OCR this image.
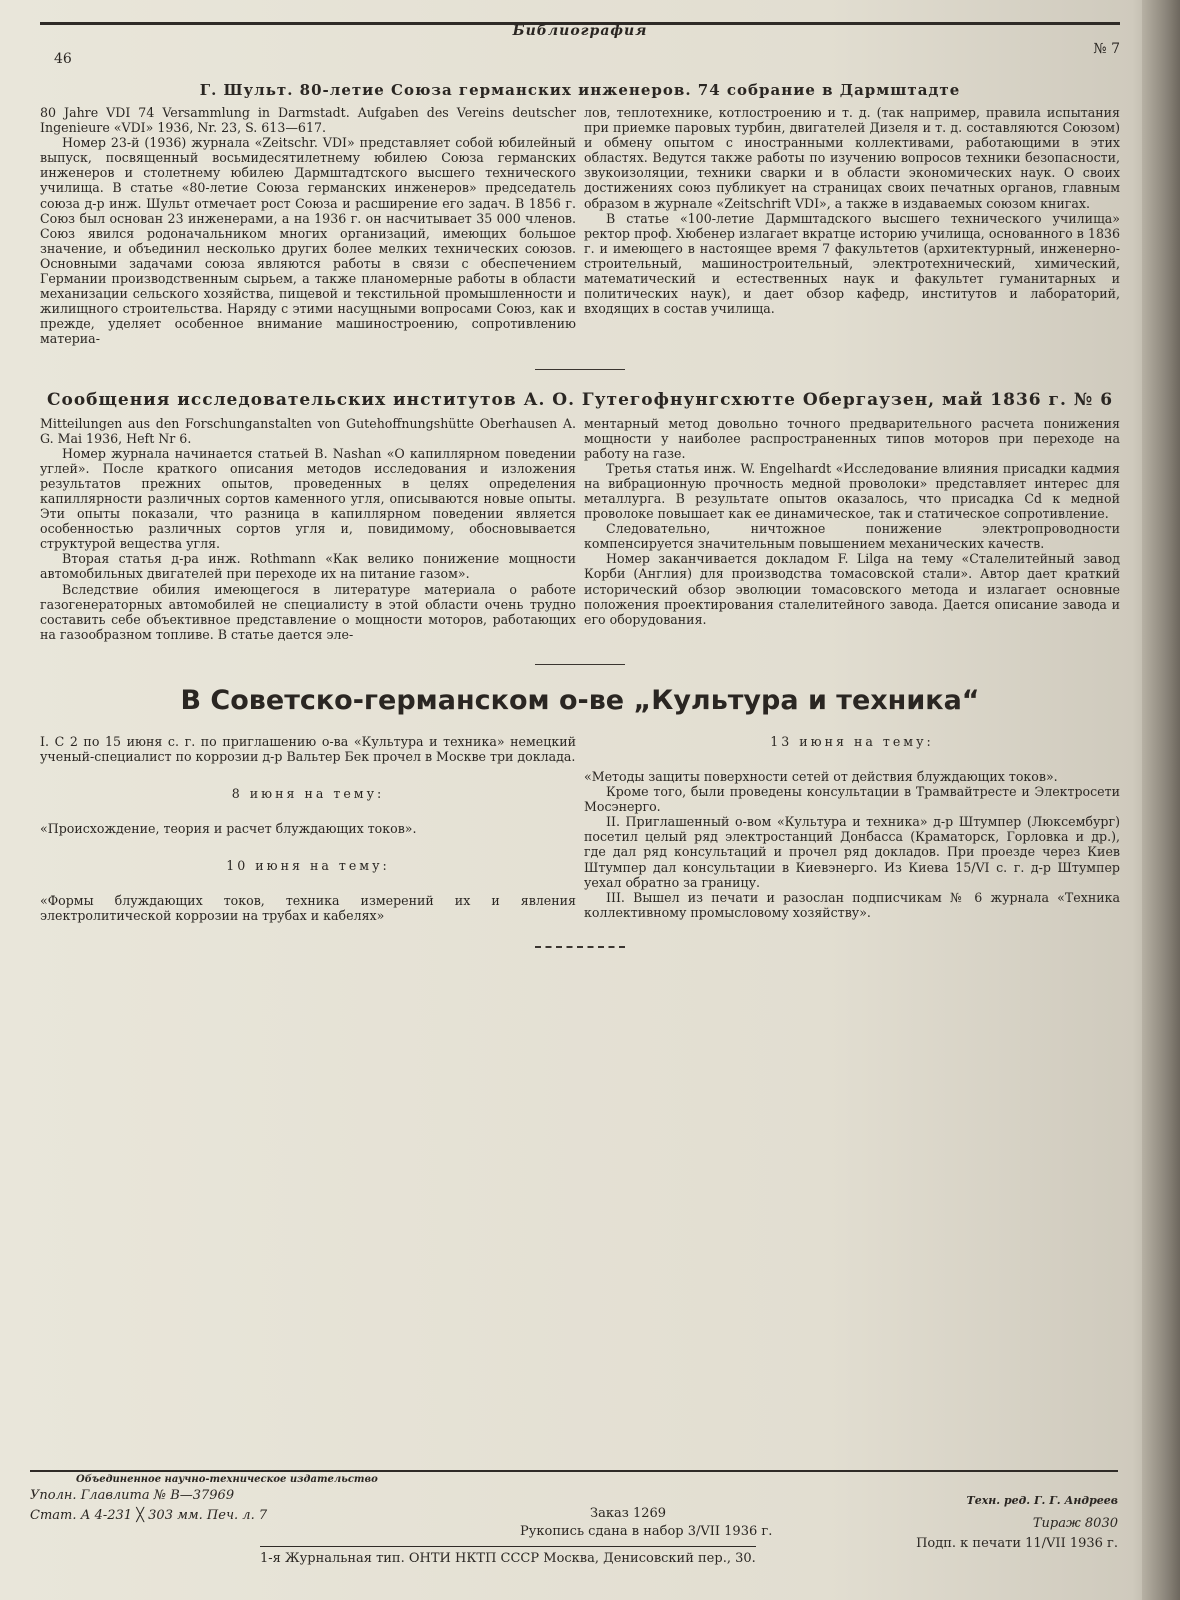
Библиография
46
№ 7
Г. Шульт. 80-летие Союза германских инженеров. 74 собрание в Дармштадте

80 Jahre VDI 74 Versammlung in Darmstadt. Aufgaben des Vereins deutscher Ingenieure «VDI» 1936, Nr. 23, S. 613—617.

Номер 23-й (1936) журнала «Zeitschr. VDI» представляет собой юбилейный выпуск, посвященный восьмидесятилетнему юбилею Союза германских инженеров и столетнему юбилею Дармштадтского высшего технического училища. В статье «80-летие Союза германских инженеров» председатель союза д-р инж. Шульт отмечает рост Союза и расширение его задач. В 1856 г. Союз был основан 23 инженерами, а на 1936 г. он насчитывает 35 000 членов. Союз явился родоначальником многих организаций, имеющих большое значение, и объединил несколько других более мелких технических союзов. Основными задачами союза являются работы в связи с обеспечением Германии производственным сырьем, а также планомерные работы в области механизации сельского хозяйства, пищевой и текстильной промышленности и жилищного строительства. Наряду с этими насущными вопросами Союз, как и прежде, уделяет особенное внимание машиностроению, сопротивлению материа-

лов, теплотехнике, котлостроению и т. д. (так например, правила испытания при приемке паровых турбин, двигателей Дизеля и т. д. составляются Союзом) и обмену опытом с иностранными коллективами, работающими в этих областях. Ведутся также работы по изучению вопросов техники безопасности, звукоизоляции, техники сварки и в области экономических наук. О своих достижениях союз публикует на страницах своих печатных органов, главным образом в журнале «Zeitschrift VDI», а также в издаваемых союзом книгах.

В статье «100-летие Дармштадского высшего технического училища» ректор проф. Хюбенер излагает вкратце историю училища, основанного в 1836 г. и имеющего в настоящее время 7 факультетов (архитектурный, инженерно-строительный, машиностроительный, электротехнический, химический, математический и естественных наук и факультет гуманитарных и политических наук), и дает обзор кафедр, институтов и лабораторий, входящих в состав училища.

Сообщения исследовательских институтов А. О. Гутегофнунгсхютте Обергаузен, май 1836 г. № 6

Mitteilungen aus den Forschunganstalten von Gutehoffnungshütte Oberhausen A. G. Mai 1936, Heft Nr 6.

Номер журнала начинается статьей B. Nashan «О капиллярном поведении углей». После краткого описания методов исследования и изложения результатов прежних опытов, проведенных в целях определения капиллярности различных сортов каменного угля, описываются новые опыты. Эти опыты показали, что разница в капиллярном поведении является особенностью различных сортов угля и, повидимому, обосновывается структурой вещества угля.

Вторая статья д-ра инж. Rothmann «Как велико понижение мощности автомобильных двигателей при переходе их на питание газом».

Вследствие обилия имеющегося в литературе материала о работе газогенераторных автомобилей не специалисту в этой области очень трудно составить себе объективное представление о мощности моторов, работающих на газообразном топливе. В статье дается эле-

ментарный метод довольно точного предварительного расчета понижения мощности у наиболее распространенных типов моторов при переходе на работу на газе.

Третья статья инж. W. Engelhardt «Исследование влияния присадки кадмия на вибрационную прочность медной проволоки» представляет интерес для металлурга. В результате опытов оказалось, что присадка Cd к медной проволоке повышает как ее динамическое, так и статическое сопротивление.

Следовательно, ничтожное понижение электропроводности компенсируется значительным повышением механических качеств.

Номер заканчивается докладом F. Lilga на тему «Сталелитейный завод Корби (Англия) для производства томасовской стали». Автор дает краткий исторический обзор эволюции томасовского метода и излагает основные положения проектирования сталелитейного завода. Дается описание завода и его оборудования.

В Советско-германском о-ве „Культура и техника“

I. С 2 по 15 июня с. г. по приглашению о-ва «Культура и техника» немецкий ученый-специалист по коррозии д-р Вальтер Бек прочел в Москве три доклада.

8 июня на тему:

«Происхождение, теория и расчет блуждающих токов».

10 июня на тему:

«Формы блуждающих токов, техника измерений их и явления электролитической коррозии на трубах и кабелях»

13 июня на тему:

«Методы защиты поверхности сетей от действия блуждающих токов».

Кроме того, были проведены консультации в Трамвайтресте и Электросети Мосэнерго.

II. Приглашенный о-вом «Культура и техника» д-р Штумпер (Люксембург) посетил целый ряд электростанций Донбасса (Краматорск, Горловка и др.), где дал ряд консультаций и прочел ряд докладов. При проезде через Киев Штумпер дал консультации в Киевэнерго. Из Киева 15/VI с. г. д-р Штумпер уехал обратно за границу.

III. Вышел из печати и разослан подписчикам № 6 журнала «Техника коллективному промысловому хозяйству».

Объединенное научно-техническое издательство
Уполн. Главлита № В—37969
Стат. А 4-231 ╳ 303 мм. Печ. л. 7	Заказ 1269
Рукопись сдана в набор 3/VII 1936 г.
Техн. ред. Г. Г. Андреев
Тираж 8030
Подп. к печати 11/VII 1936 г.
1-я Журнальная тип. ОНТИ НКТП СССР Москва, Денисовский пер., 30.
